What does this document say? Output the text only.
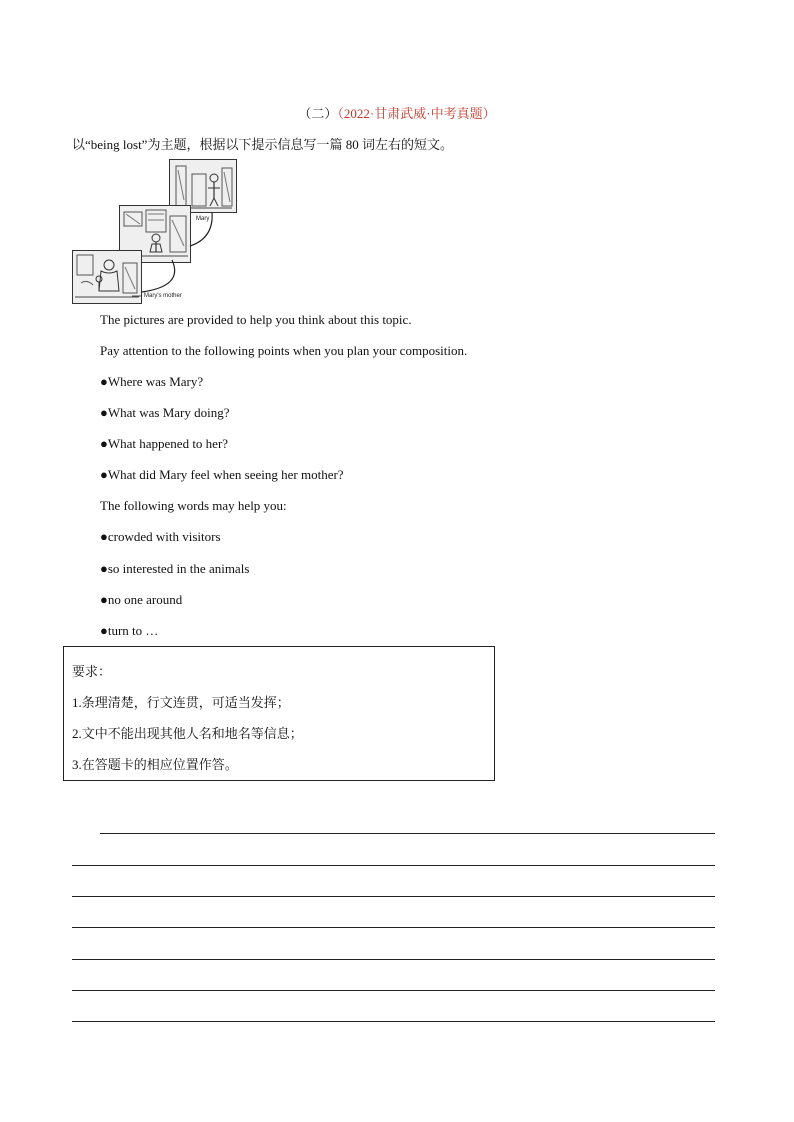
（二）（2022·甘肃武威·中考真题）
以“being lost”为主题，根据以下提示信息写一篇 80 词左右的短文。
Mary
Mary's mother
The pictures are provided to help you think about this topic.
Pay attention to the following points when you plan your composition.
●Where was Mary?
●What was Mary doing?
●What happened to her?
●What did Mary feel when seeing her mother?
The following words may help you:
●crowded with visitors
●so interested in the animals
●no one around
●turn to …
要求：
1.条理清楚，行文连贯，可适当发挥；
2.文中不能出现其他人名和地名等信息；
3.在答题卡的相应位置作答。
